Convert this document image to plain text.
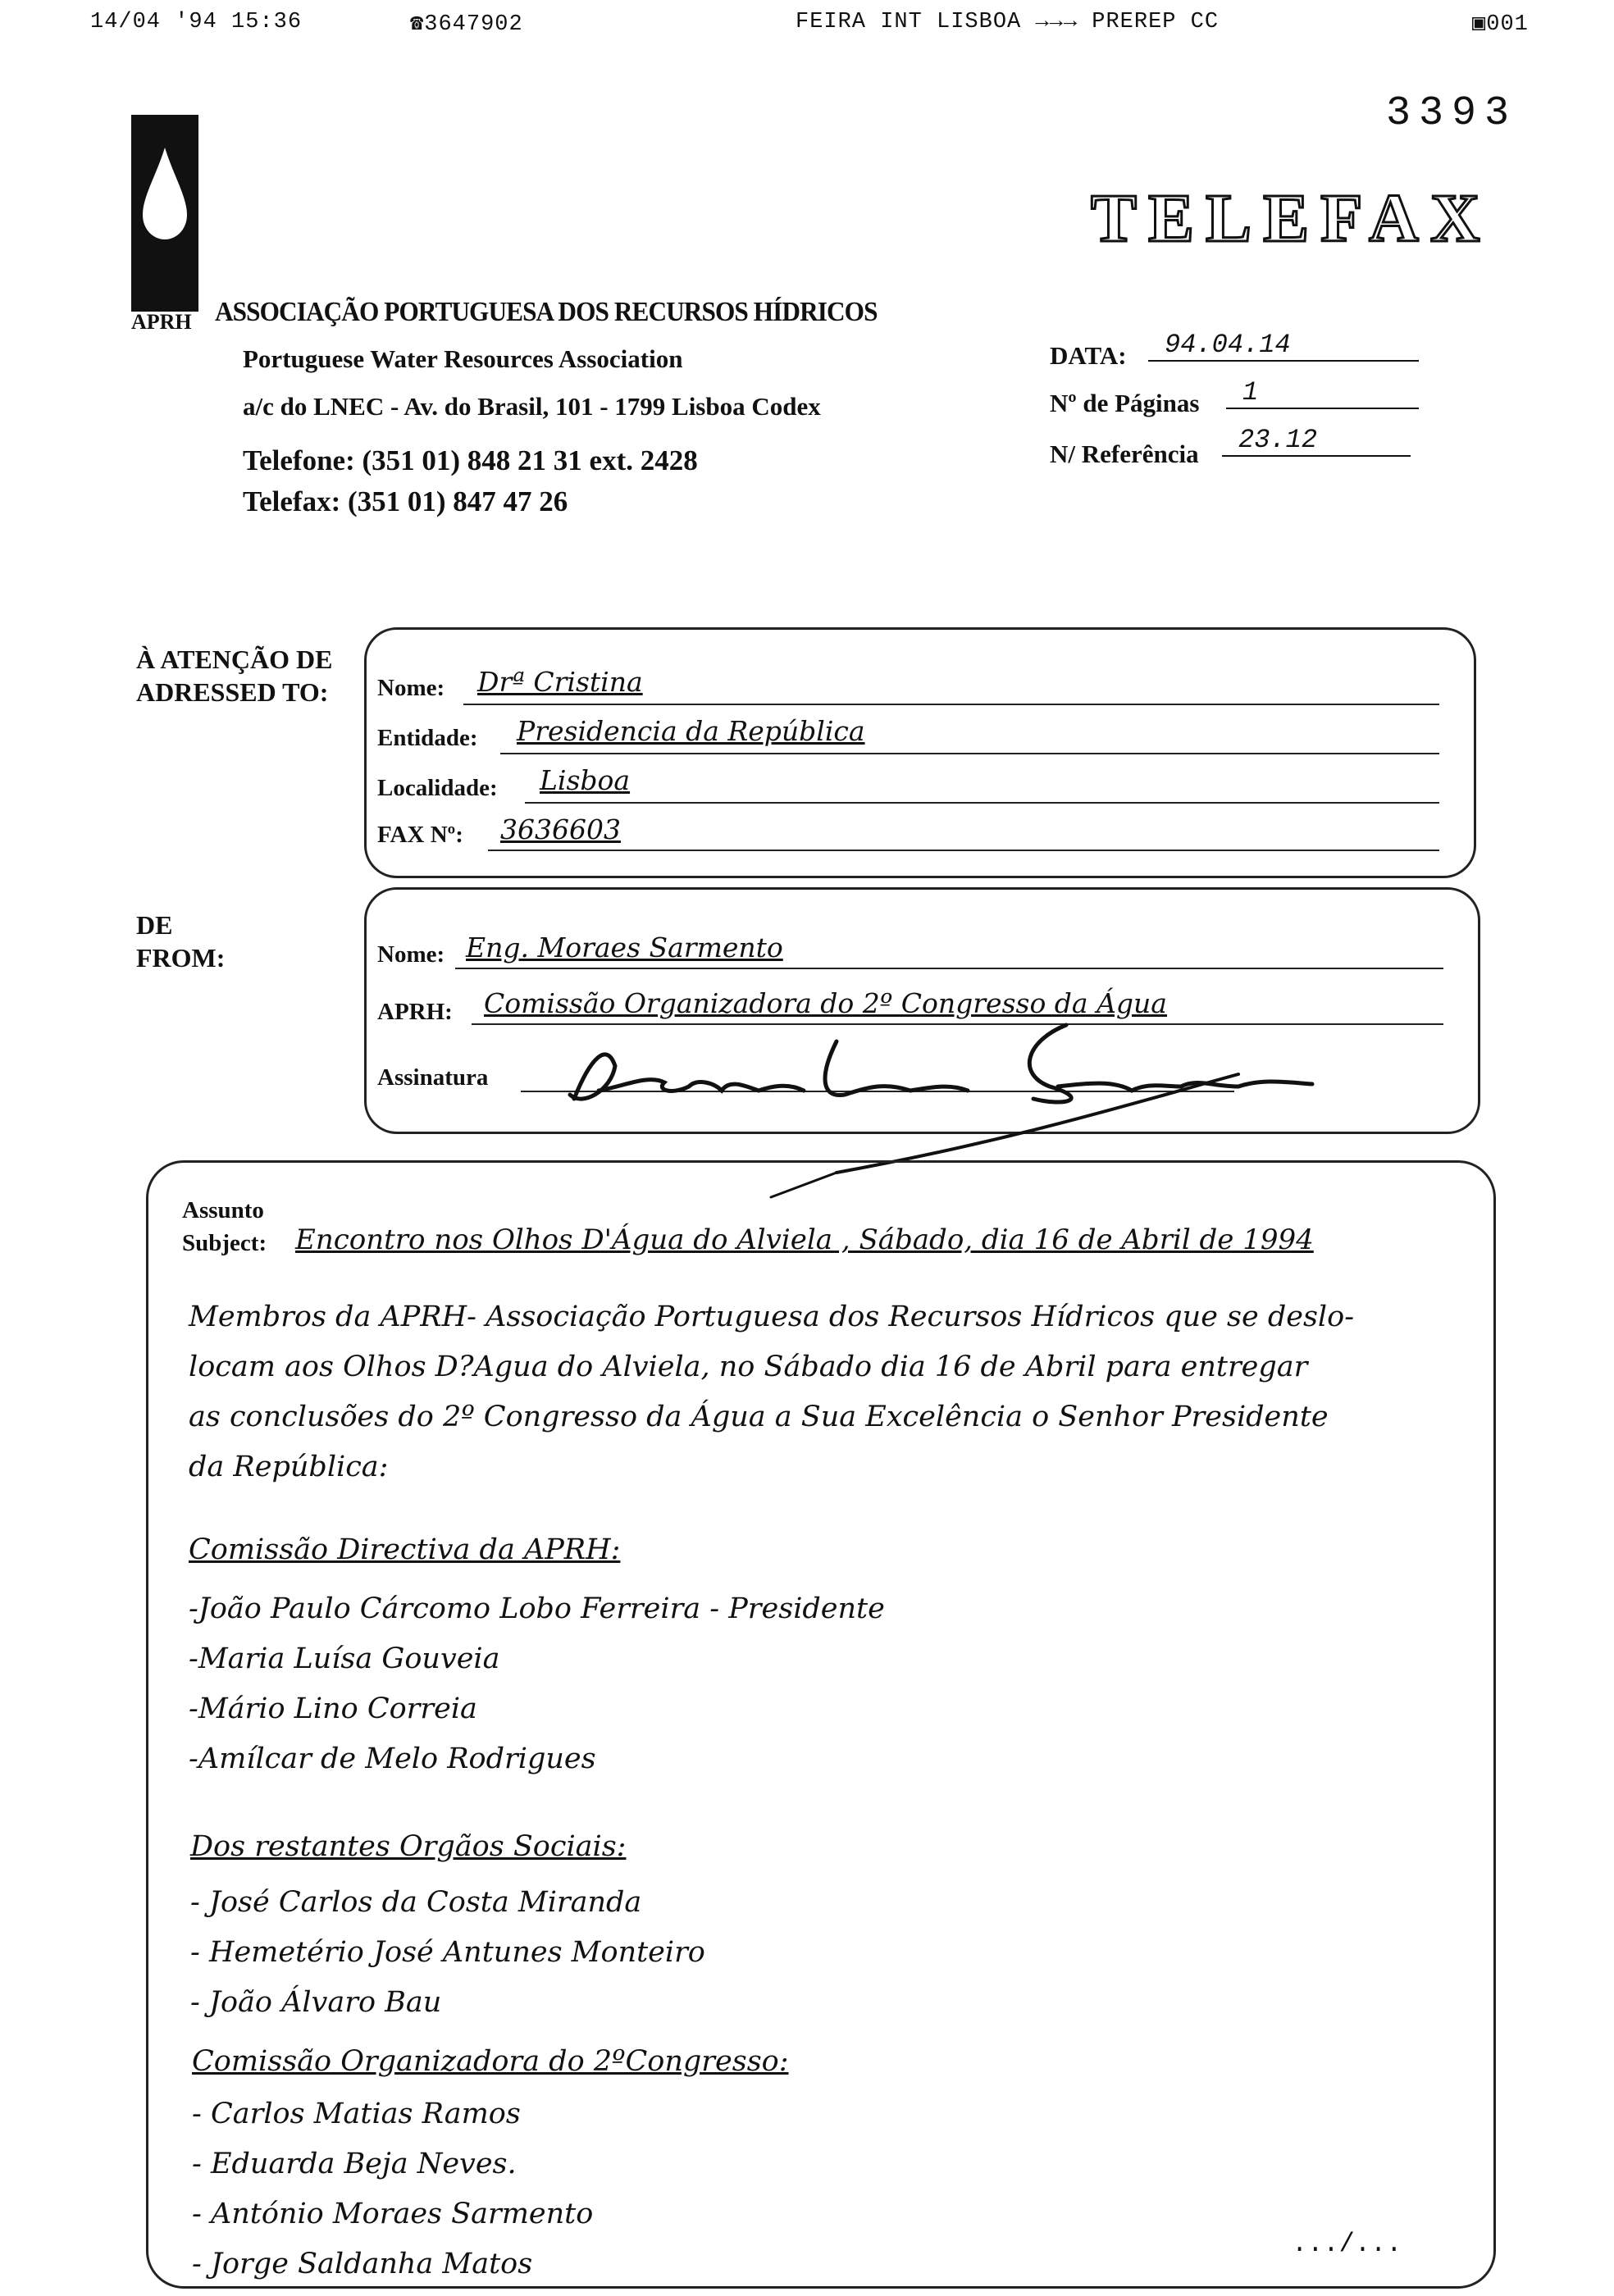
14/04 '94 15:36	☎3647902	FEIRA INT LISBOA →→→ PREREP CC	▣001
APRH
3393
TELEFAX
ASSOCIAÇÃO PORTUGUESA DOS RECURSOS HÍDRICOS
Portuguese Water Resources Association
a/c do LNEC - Av. do Brasil, 101 - 1799 Lisboa Codex
Telefone: (351 01) 848 21 31 ext. 2428
Telefax: (351 01) 847 47 26
DATA:	94.04.14
Nº de Páginas	1
N/ Referência	23.12
À ATENÇÃO DE
ADRESSED TO: Nome: Drª Cristina
Entidade: Presidencia da República
Localidade: Lisboa
FAX Nº: 3636603
DE
FROM:	Nome: Eng. Moraes Sarmento
APRH: Comissão Organizadora do 2º Congresso da Água
Assinatura
Assunto
Subject: Encontro nos Olhos D'Água do Alviela , Sábado, dia 16 de Abril de 1994
Membros da APRH- Associação Portuguesa dos Recursos Hídricos que se deslo-
locam aos Olhos D?Agua do Alviela, no Sábado dia 16 de Abril para entregar
as conclusões do 2º Congresso da Água a Sua Excelência o Senhor Presidente
da República:
Comissão Directiva da APRH:
-João Paulo Cárcomo Lobo Ferreira - Presidente
-Maria Luísa Gouveia
-Mário Lino Correia
-Amílcar de Melo Rodrigues
Dos restantes Orgãos Sociais:
- José Carlos da Costa Miranda
- Hemetério José Antunes Monteiro
- João Álvaro Bau
Comissão Organizadora do 2ºCongresso:
- Carlos Matias Ramos
- Eduarda Beja Neves.
- António Moraes Sarmento
- Jorge Saldanha Matos
.../...
